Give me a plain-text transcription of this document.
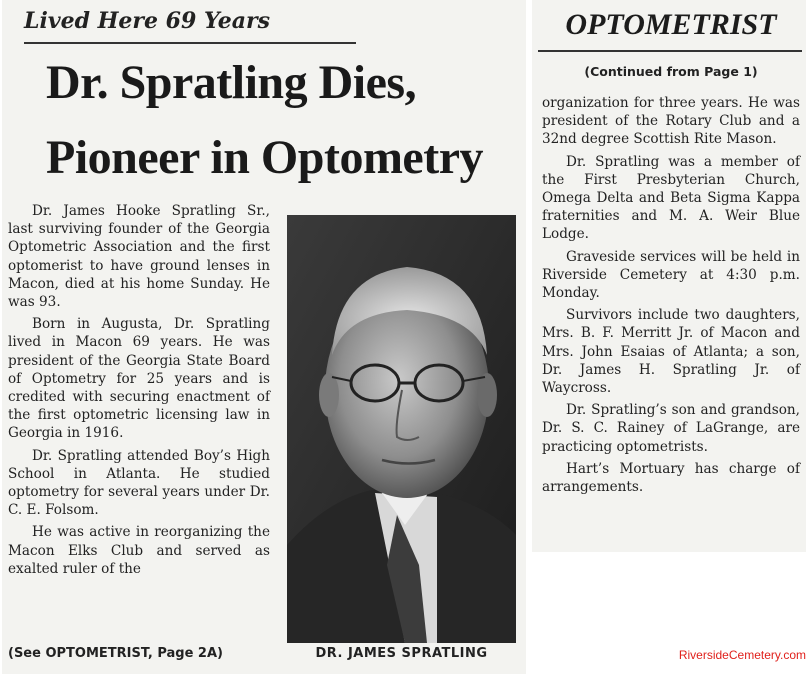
Lived Here 69 Years
Dr. Spratling Dies,
Pioneer in Optometry

Dr. James Hooke Spratling Sr., last surviving founder of the Georgia Optometric Association and the first optomerist to have ground lenses in Macon, died at his home Sunday. He was 93.

Born in Augusta, Dr. Spratling lived in Macon 69 years. He was president of the Georgia State Board of Optometry for 25 years and is credited with securing enactment of the first optometric licensing law in Georgia in 1916.

Dr. Spratling attended Boy’s High School in Atlanta. He studied optometry for several years under Dr. C. E. Folsom.

He was active in reorganizing the Macon Elks Club and served as exalted ruler of the

(See OPTOMETRIST, Page 2A)	DR. JAMES SPRATLING
OPTOMETRIST
(Continued from Page 1)

organization for three years. He was president of the Rotary Club and a 32nd degree Scottish Rite Mason.

Dr. Spratling was a member of the First Presbyterian Church, Omega Delta and Beta Sigma Kappa fraternities and M. A. Weir Blue Lodge.

Graveside services will be held in Riverside Cemetery at 4:30 p.m. Monday.

Survivors include two daughters, Mrs. B. F. Merritt Jr. of Macon and Mrs. John Esaias of Atlanta; a son, Dr. James H. Spratling Jr. of Waycross.

Dr. Spratling’s son and grandson, Dr. S. C. Rainey of LaGrange, are practicing optometrists.

Hart’s Mortuary has charge of arrangements.

RiversideCemetery.com
